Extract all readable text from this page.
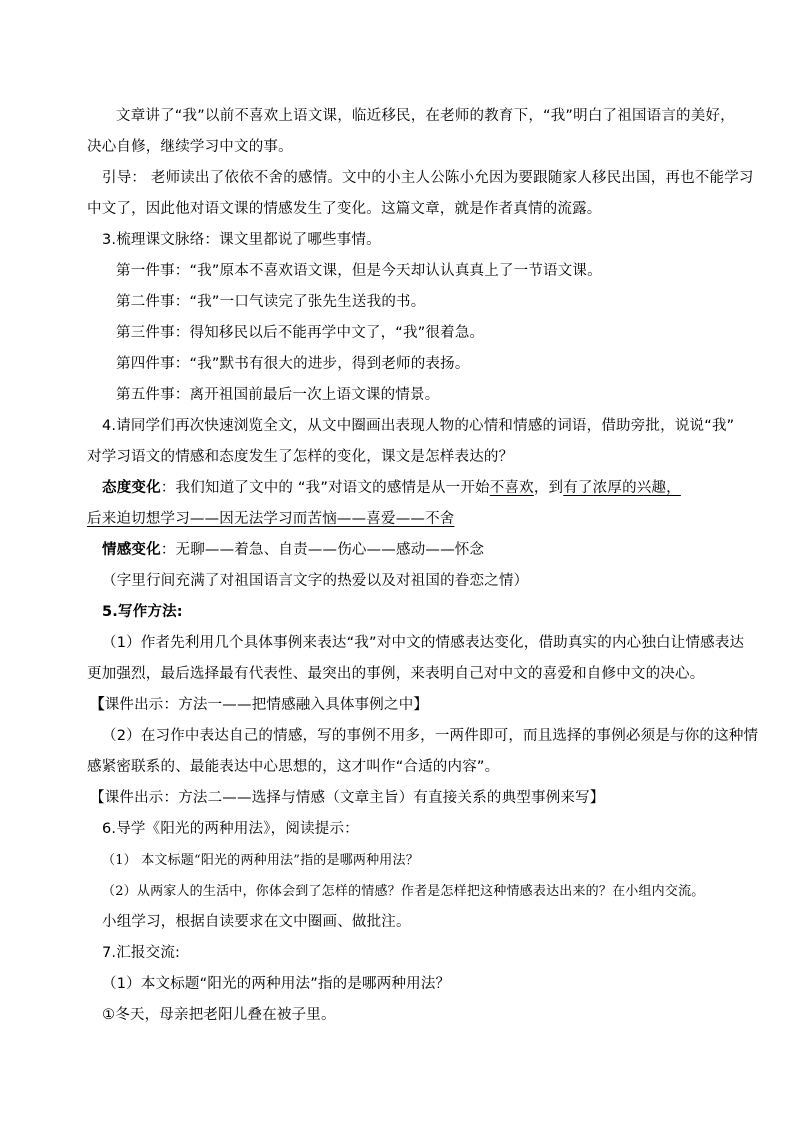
文章讲了“我”以前不喜欢上语文课，临近移民，在老师的教育下，“我”明白了祖国语言的美好，
决心自修，继续学习中文的事。
引导： 老师读出了依依不舍的感情。文中的小主人公陈小允因为要跟随家人移民出国，再也不能学习
中文了，因此他对语文课的情感发生了变化。这篇文章，就是作者真情的流露。
3.梳理课文脉络：课文里都说了哪些事情。
第一件事：“我”原本不喜欢语文课，但是今天却认认真真上了一节语文课。
第二件事：“我”一口气读完了张先生送我的书。
第三件事：得知移民以后不能再学中文了，“我”很着急。
第四件事：“我”默书有很大的进步，得到老师的表扬。
第五件事：离开祖国前最后一次上语文课的情景。
4.请同学们再次快速浏览全文，从文中圈画出表现人物的心情和情感的词语，借助旁批，说说“我”
对学习语文的情感和态度发生了怎样的变化，课文是怎样表达的？
态度变化：我们知道了文中的 “我”对语文的感情是从一开始不喜欢，到有了浓厚的兴趣，
后来迫切想学习——因无法学习而苦恼——喜爱——不舍
情感变化：无聊——着急、自责——伤心——感动——怀念
（字里行间充满了对祖国语言文字的热爱以及对祖国的眷恋之情）
5.写作方法:
（1）作者先利用几个具体事例来表达“我”对中文的情感表达变化，借助真实的内心独白让情感表达
更加强烈，最后选择最有代表性、最突出的事例，来表明自己对中文的喜爱和自修中文的决心。
【课件出示：方法一——把情感融入具体事例之中】
（2）在习作中表达自己的情感，写的事例不用多，一两件即可，而且选择的事例必须是与你的这种情
感紧密联系的、最能表达中心思想的，这才叫作“合适的内容”。
【课件出示：方法二——选择与情感（文章主旨）有直接关系的典型事例来写】
6.导学《阳光的两种用法》，阅读提示：
（1） 本文标题“阳光的两种用法”指的是哪两种用法？
（2）从两家人的生活中，你体会到了怎样的情感？作者是怎样把这种情感表达出来的？在小组内交流。
小组学习，根据自读要求在文中圈画、做批注。
7.汇报交流:
（1）本文标题“阳光的两种用法”指的是哪两种用法？
①冬天，母亲把老阳儿叠在被子里。
